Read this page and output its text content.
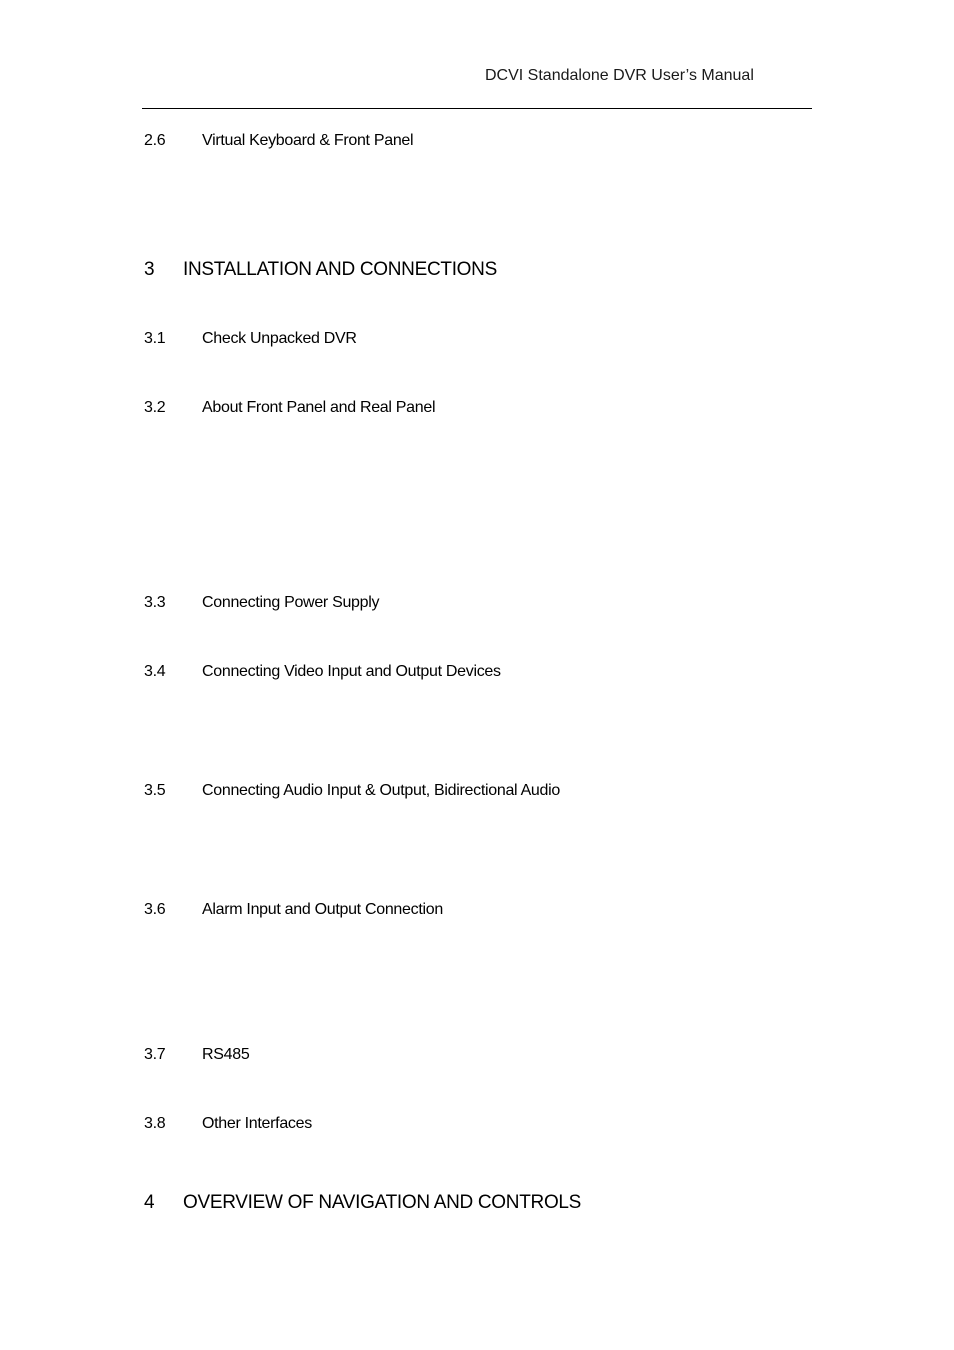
DCVI Standalone DVR User’s Manual
2.6 Virtual Keyboard & Front Panel
3 INSTALLATION AND CONNECTIONS
3.1 Check Unpacked DVR
3.2 About Front Panel and Real Panel
3.3 Connecting Power Supply
3.4 Connecting Video Input and Output Devices
3.5 Connecting Audio Input & Output, Bidirectional Audio
3.6 Alarm Input and Output Connection
3.7 RS485
3.8 Other Interfaces
4 OVERVIEW OF NAVIGATION AND CONTROLS
